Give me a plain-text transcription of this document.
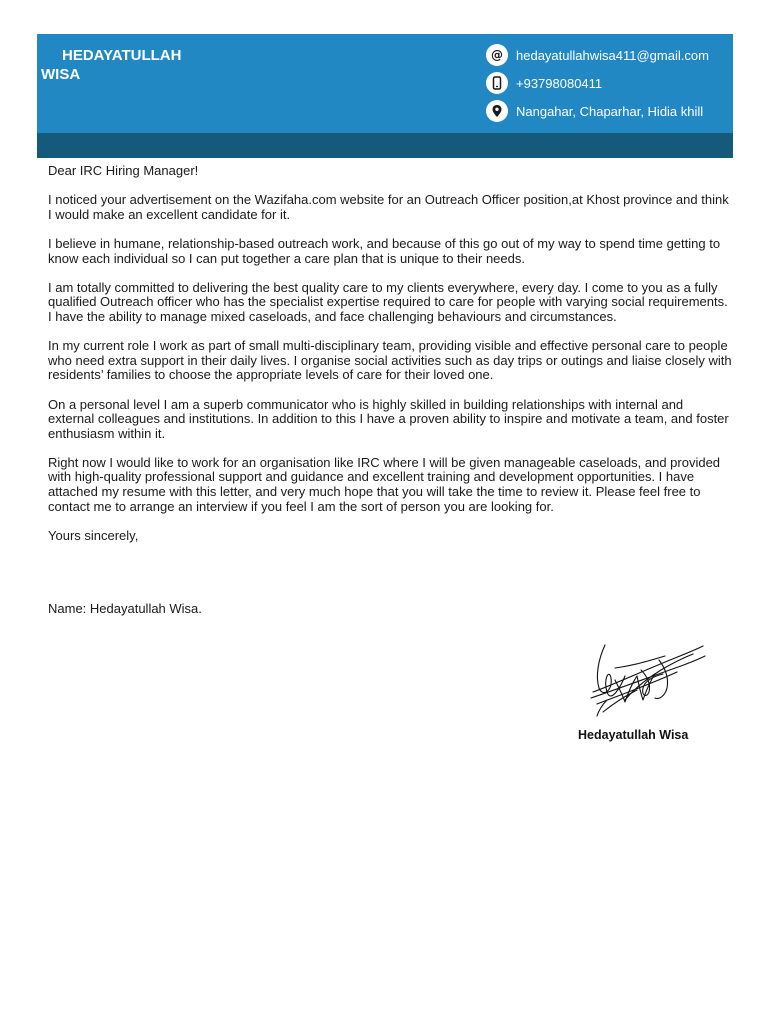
HEDAYATULLAH
WISA
@ hedayatullahwisa411@gmail.com
+93798080411
Nangahar, Chaparhar, Hidia khill

Dear IRC Hiring Manager!

I noticed your advertisement on the Wazifaha.com website for an Outreach Officer position,at Khost province and think I would make an excellent candidate for it.

I believe in humane, relationship-based outreach work, and because of this go out of my way to spend time getting to know each individual so I can put together a care plan that is unique to their needs.

I am totally committed to delivering the best quality care to my clients everywhere, every day. I come to you as a fully qualified Outreach officer who has the specialist expertise required to care for people with varying social requirements. I have the ability to manage mixed caseloads, and face challenging behaviours and circumstances.

In my current role I work as part of small multi-disciplinary team, providing visible and effective personal care to people who need extra support in their daily lives. I organise social activities such as day trips or outings and liaise closely with residents’ families to choose the appropriate levels of care for their loved one.

On a personal level I am a superb communicator who is highly skilled in building relationships with internal and external colleagues and institutions. In addition to this I have a proven ability to inspire and motivate a team, and foster enthusiasm within it.

Right now I would like to work for an organisation like IRC where I will be given manageable caseloads, and provided with high-quality professional support and guidance and excellent training and development opportunities. I have attached my resume with this letter, and very much hope that you will take the time to review it. Please feel free to contact me to arrange an interview if you feel I am the sort of person you are looking for.

Yours sincerely,

Name: Hedayatullah Wisa.

Hedayatullah Wisa
